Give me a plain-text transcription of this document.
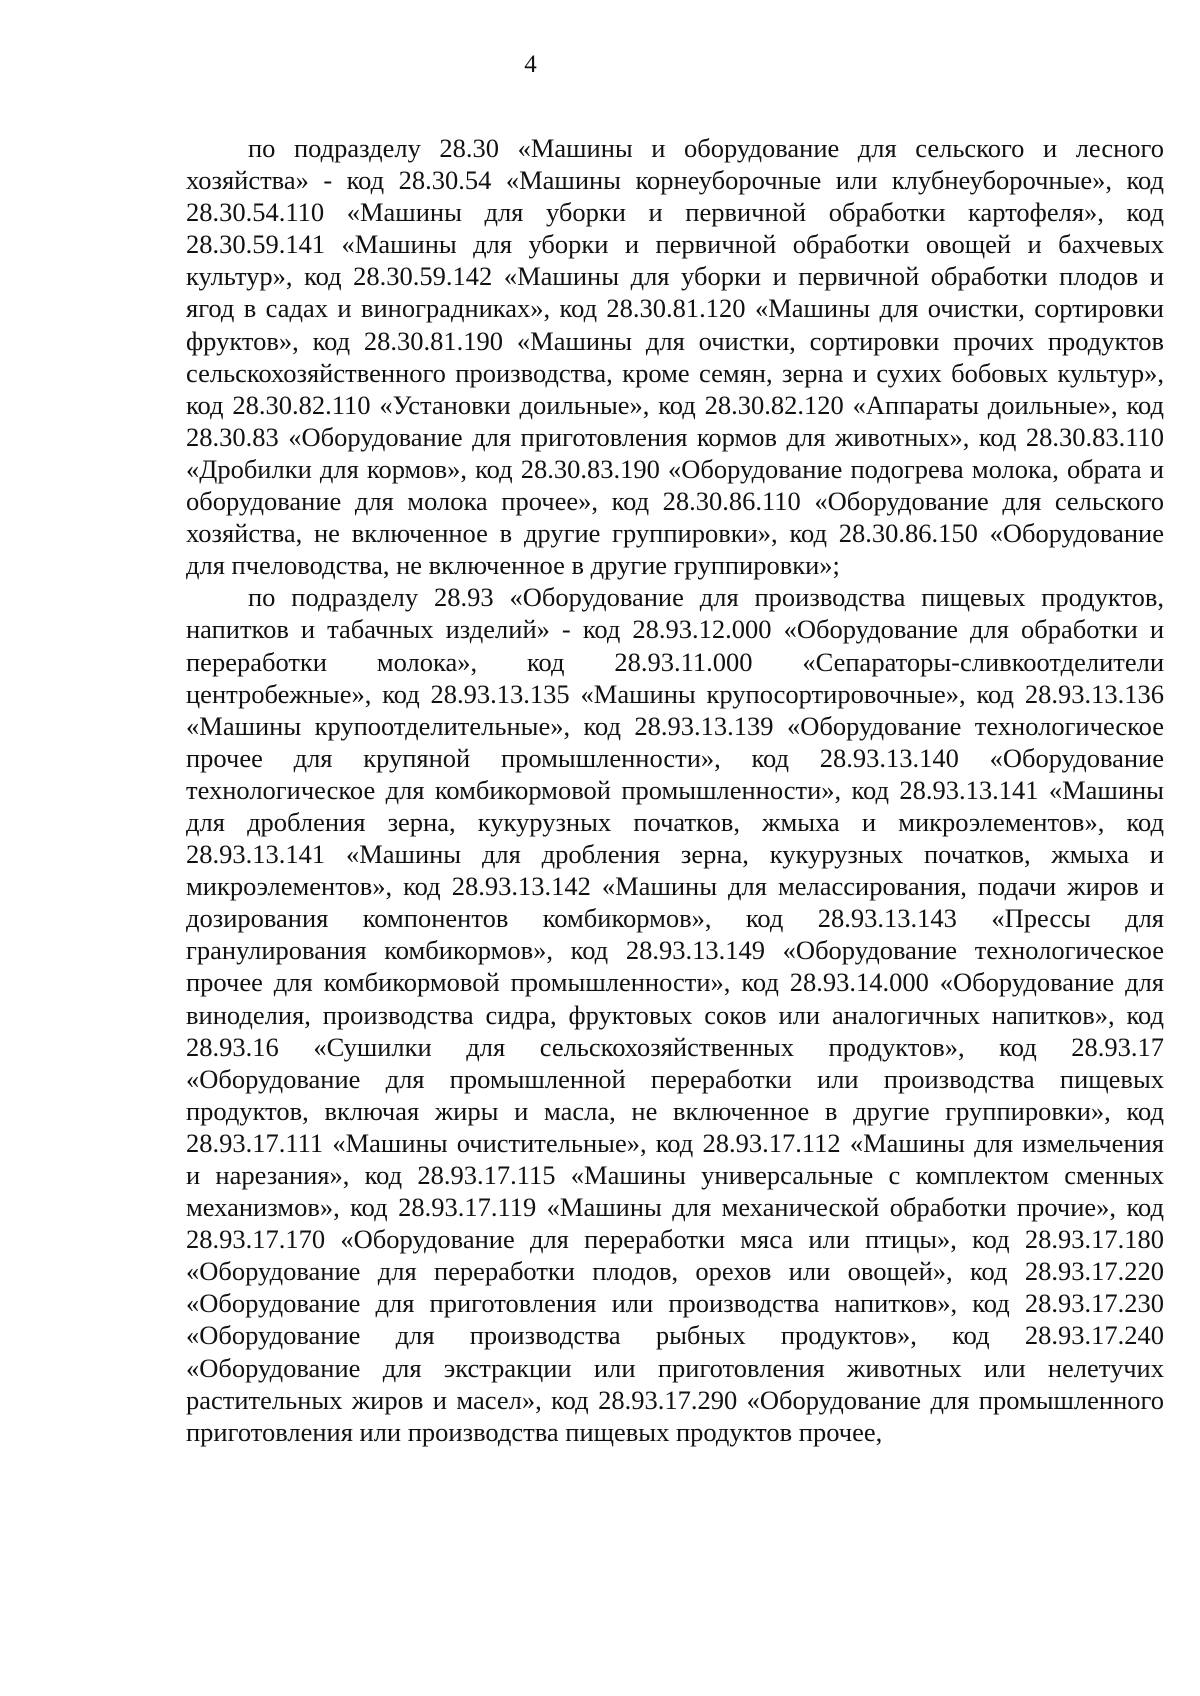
4

по подразделу 28.30 «Машины и оборудование для сельского и лесного хозяйства» - код 28.30.54 «Машины корнеуборочные или клубнеуборочные», код 28.30.54.110 «Машины для уборки и первичной обработки картофеля», код 28.30.59.141 «Машины для уборки и первичной обработки овощей и бахчевых культур», код 28.30.59.142 «Машины для уборки и первичной обработки плодов и ягод в садах и виноградниках», код 28.30.81.120 «Машины для очистки, сортировки фруктов», код 28.30.81.190 «Машины для очистки, сортировки прочих продуктов сельскохозяйственного производства, кроме семян, зерна и сухих бобовых культур», код 28.30.82.110 «Установки доильные», код 28.30.82.120 «Аппараты доильные», код 28.30.83 «Оборудование для приготовления кормов для животных», код 28.30.83.110 «Дробилки для кормов», код 28.30.83.190 «Оборудование подогрева молока, обрата и оборудование для молока прочее», код 28.30.86.110 «Оборудование для сельского хозяйства, не включенное в другие группировки», код 28.30.86.150 «Оборудование для пчеловодства, не включенное в другие группировки»;

по подразделу 28.93 «Оборудование для производства пищевых продуктов, напитков и табачных изделий» - код 28.93.12.000 «Оборудование для обработки и переработки молока», код 28.93.11.000 «Сепараторы-сливкоотделители центробежные», код 28.93.13.135 «Машины крупосортировочные», код 28.93.13.136 «Машины крупоотделительные», код 28.93.13.139 «Оборудование технологическое прочее для крупяной промышленности», код 28.93.13.140 «Оборудование технологическое для комбикормовой промышленности», код 28.93.13.141 «Машины для дробления зерна, кукурузных початков, жмыха и микроэлементов», код 28.93.13.141 «Машины для дробления зерна, кукурузных початков, жмыха и микроэлементов», код 28.93.13.142 «Машины для мелассирования, подачи жиров и дозирования компонентов комбикормов», код 28.93.13.143 «Прессы для гранулирования комбикормов», код 28.93.13.149 «Оборудование технологическое прочее для комбикормовой промышленности», код 28.93.14.000 «Оборудование для виноделия, производства сидра, фруктовых соков или аналогичных напитков», код 28.93.16 «Сушилки для сельскохозяйственных продуктов», код 28.93.17 «Оборудование для промышленной переработки или производства пищевых продуктов, включая жиры и масла, не включенное в другие группировки», код 28.93.17.111 «Машины очистительные», код 28.93.17.112 «Машины для измельчения и нарезания», код 28.93.17.115 «Машины универсальные с комплектом сменных механизмов», код 28.93.17.119 «Машины для механической обработки прочие», код 28.93.17.170 «Оборудование для переработки мяса или птицы», код 28.93.17.180 «Оборудование для переработки плодов, орехов или овощей», код 28.93.17.220 «Оборудование для приготовления или производства напитков», код 28.93.17.230 «Оборудование для производства рыбных продуктов», код 28.93.17.240 «Оборудование для экстракции или приготовления животных или нелетучих растительных жиров и масел», код 28.93.17.290 «Оборудование для промышленного приготовления или производства пищевых продуктов прочее,
